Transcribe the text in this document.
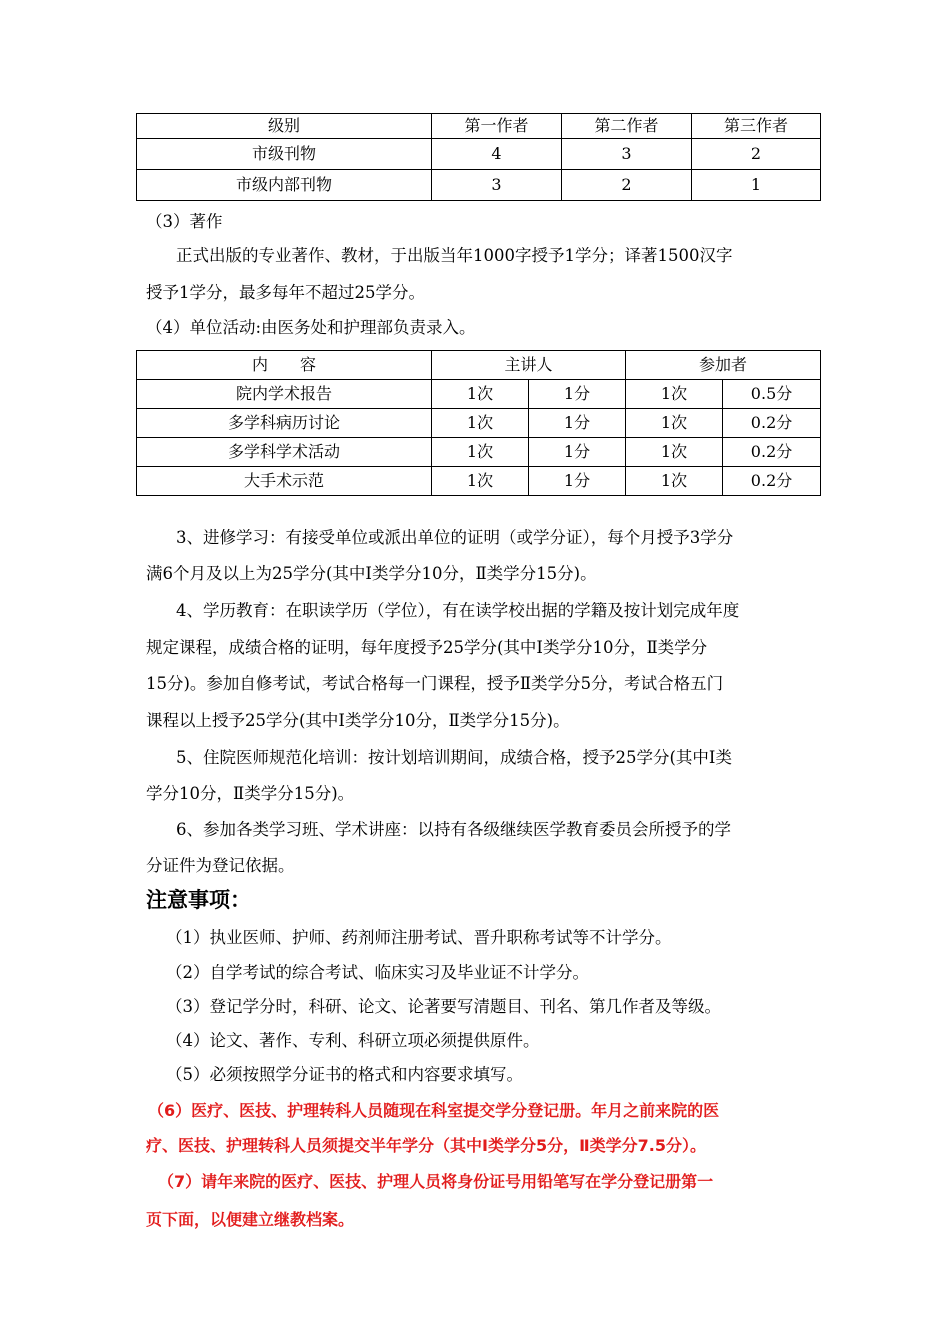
级别	第一作者	第二作者	第三作者
市级刊物	4	3	2
市级内部刊物	3	2	1
（3）著作
正式出版的专业著作、教材，于出版当年1000字授予1学分；译著1500汉字
授予1学分，最多每年不超过25学分。
（4）单位活动:由医务处和护理部负责录入。
内　　容	主讲人		参加者	
院内学术报告	1次	1分	1次	0.5分
多学科病历讨论	1次	1分	1次	0.2分
多学科学术活动	1次	1分	1次	0.2分
大手术示范	1次	1分	1次	0.2分
3、进修学习：有接受单位或派出单位的证明（或学分证），每个月授予3学分
满6个月及以上为25学分(其中Ⅰ类学分10分，Ⅱ类学分15分)。
4、学历教育：在职读学历（学位），有在读学校出据的学籍及按计划完成年度
规定课程，成绩合格的证明，每年度授予25学分(其中Ⅰ类学分10分，Ⅱ类学分
15分)。参加自修考试，考试合格每一门课程，授予Ⅱ类学分5分，考试合格五门
课程以上授予25学分(其中Ⅰ类学分10分，Ⅱ类学分15分)。
5、住院医师规范化培训：按计划培训期间，成绩合格，授予25学分(其中Ⅰ类
学分10分，Ⅱ类学分15分)。
6、参加各类学习班、学术讲座：以持有各级继续医学教育委员会所授予的学
分证件为登记依据。
注意事项：
（1）执业医师、护师、药剂师注册考试、晋升职称考试等不计学分。
（2）自学考试的综合考试、临床实习及毕业证不计学分。
（3）登记学分时，科研、论文、论著要写清题目、刊名、第几作者及等级。
（4）论文、著作、专利、科研立项必须提供原件。
（5）必须按照学分证书的格式和内容要求填写。
（6）医疗、医技、护理转科人员随现在科室提交学分登记册。年月之前来院的医
疗、医技、护理转科人员须提交半年学分（其中Ⅰ类学分5分，Ⅱ类学分7.5分）。
（7）请年来院的医疗、医技、护理人员将身份证号用铅笔写在学分登记册第一
页下面，以便建立继教档案。
